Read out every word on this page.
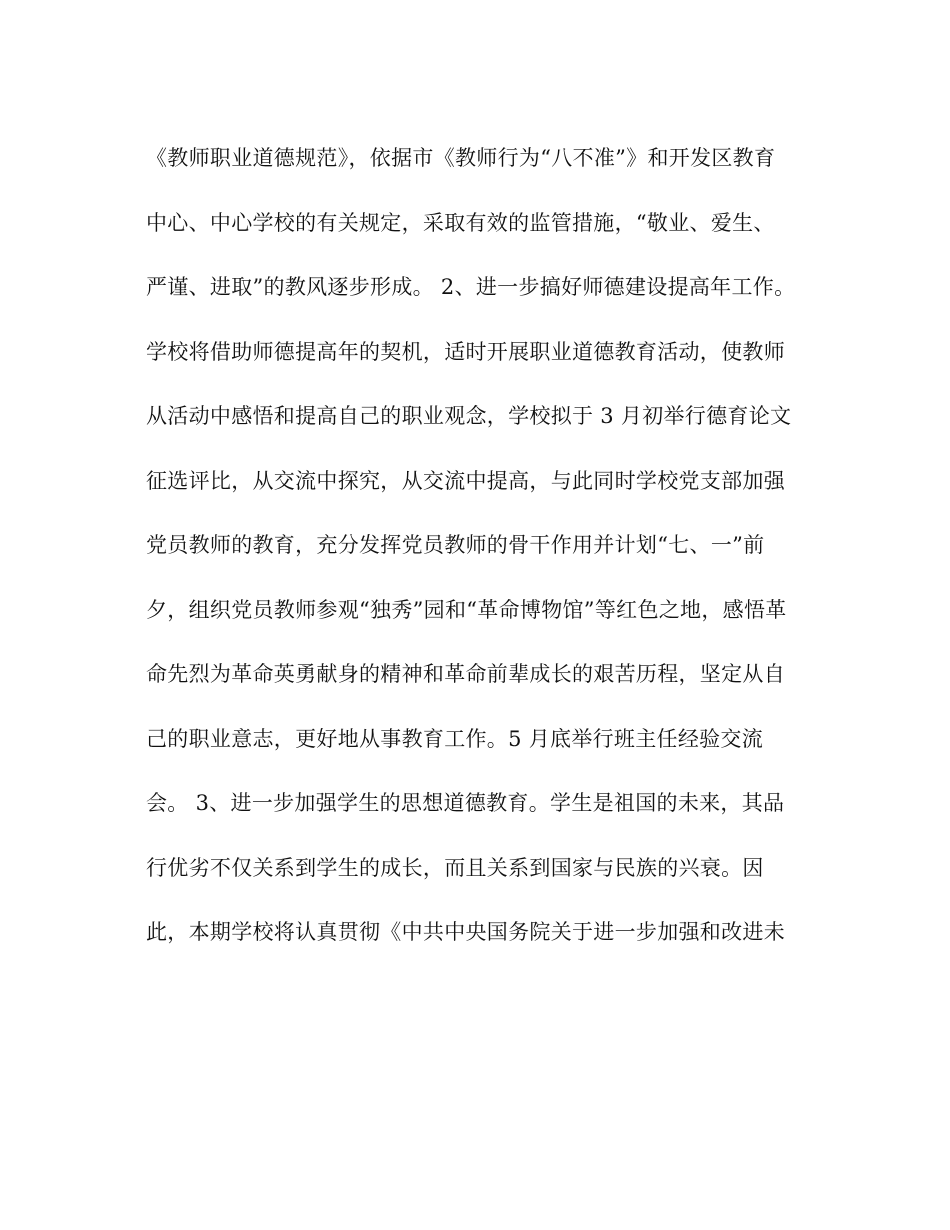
《教师职业道德规范》，依据市《教师行为“八不准”》和开发区教育
中心、中心学校的有关规定，采取有效的监管措施，“敬业、爱生、
严谨、进取”的教风逐步形成。 2、进一步搞好师德建设提高年工作。
学校将借助师德提高年的契机，适时开展职业道德教育活动，使教师
从活动中感悟和提高自己的职业观念，学校拟于 3 月初举行德育论文
征选评比，从交流中探究，从交流中提高，与此同时学校党支部加强
党员教师的教育，充分发挥党员教师的骨干作用并计划“七、一”前
夕，组织党员教师参观“独秀”园和“革命博物馆”等红色之地，感悟革
命先烈为革命英勇献身的精神和革命前辈成长的艰苦历程，坚定从自
己的职业意志，更好地从事教育工作。5 月底举行班主任经验交流
会。 3、进一步加强学生的思想道德教育。学生是祖国的未来，其品
行优劣不仅关系到学生的成长，而且关系到国家与民族的兴衰。因
此，本期学校将认真贯彻《中共中央国务院关于进一步加强和改进未
